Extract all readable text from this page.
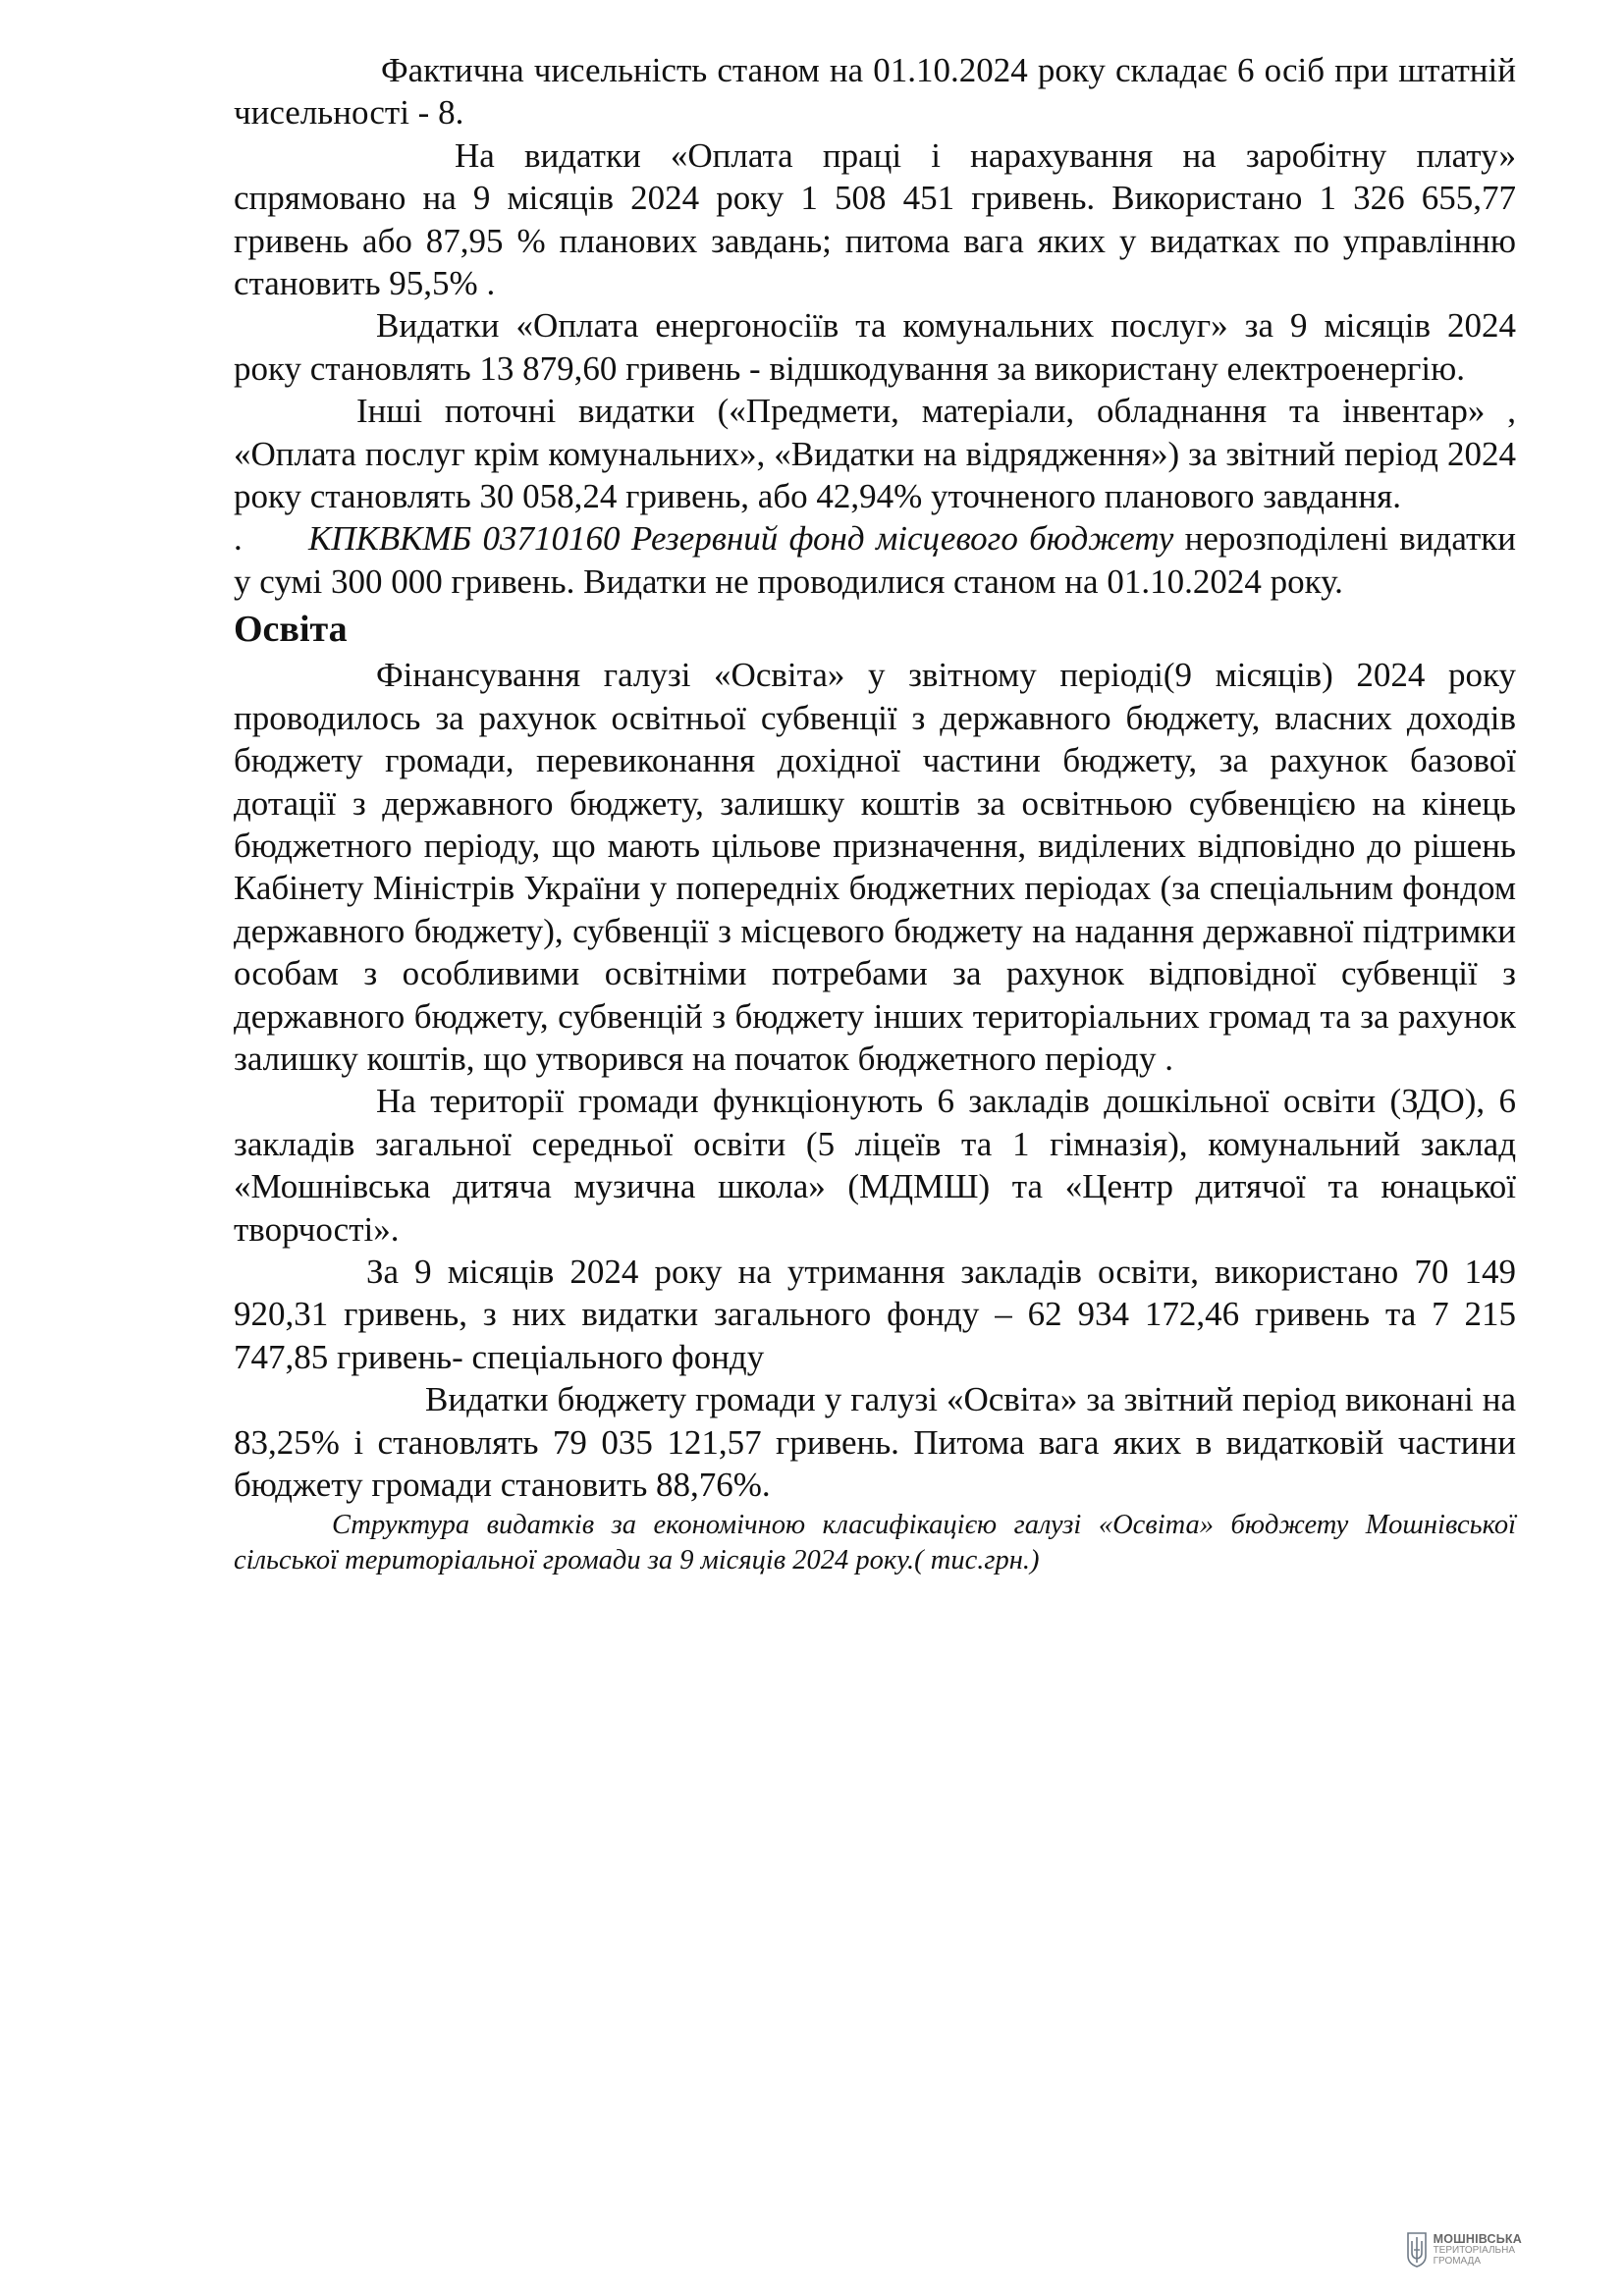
Фактична чисельність станом на 01.10.2024 року складає 6 осіб при штатній чисельності - 8.

На видатки «Оплата праці і нарахування на заробітну плату» спрямовано на 9 місяців 2024 року 1 508 451 гривень. Використано 1 326 655,77 гривень або 87,95 % планових завдань; питома вага яких у видатках по управлінню становить 95,5% .

Видатки «Оплата енергоносіїв та комунальних послуг» за 9 місяців 2024 року становлять 13 879,60 гривень - відшкодування за використану електроенергію.

Інші поточні видатки («Предмети, матеріали, обладнання та інвентар» , «Оплата послуг крім комунальних», «Видатки на відрядження») за звітний період 2024 року становлять 30 058,24 гривень, або 42,94% уточненого планового завдання.

. КПКВКМБ 03710160 Резервний фонд місцевого бюджету нерозподілені видатки у сумі 300 000 гривень. Видатки не проводилися станом на 01.10.2024 року.

Освіта

Фінансування галузі «Освіта» у звітному періоді(9 місяців) 2024 року проводилось за рахунок освітньої субвенції з державного бюджету, власних доходів бюджету громади, перевиконання дохідної частини бюджету, за рахунок базової дотації з державного бюджету, залишку коштів за освітньою субвенцією на кінець бюджетного періоду, що мають цільове призначення, виділених відповідно до рішень Кабінету Міністрів України у попередніх бюджетних періодах (за спеціальним фондом державного бюджету), субвенції з місцевого бюджету на надання державної підтримки особам з особливими освітніми потребами за рахунок відповідної субвенції з державного бюджету, субвенцій з бюджету інших територіальних громад та за рахунок залишку коштів, що утворився на початок бюджетного періоду .

На території громади функціонують 6 закладів дошкільної освіти (ЗДО), 6 закладів загальної середньої освіти (5 ліцеїв та 1 гімназія), комунальний заклад «Мошнівська дитяча музична школа» (МДМШ) та «Центр дитячої та юнацької творчості».

За 9 місяців 2024 року на утримання закладів освіти, використано 70 149 920,31 гривень, з них видатки загального фонду – 62 934 172,46 гривень та 7 215 747,85 гривень- спеціального фонду

Видатки бюджету громади у галузі «Освіта» за звітний період виконані на 83,25% і становлять 79 035 121,57 гривень. Питома вага яких в видатковій частини бюджету громади становить 88,76%.

Структура видатків за економічною класифікацією галузі «Освіта» бюджету Мошнівської сільської територіальної громади за 9 місяців 2024 року.( тис.грн.)

МОШНІВСЬКА
ТЕРИТОРІАЛЬНА
ГРОМАДА
